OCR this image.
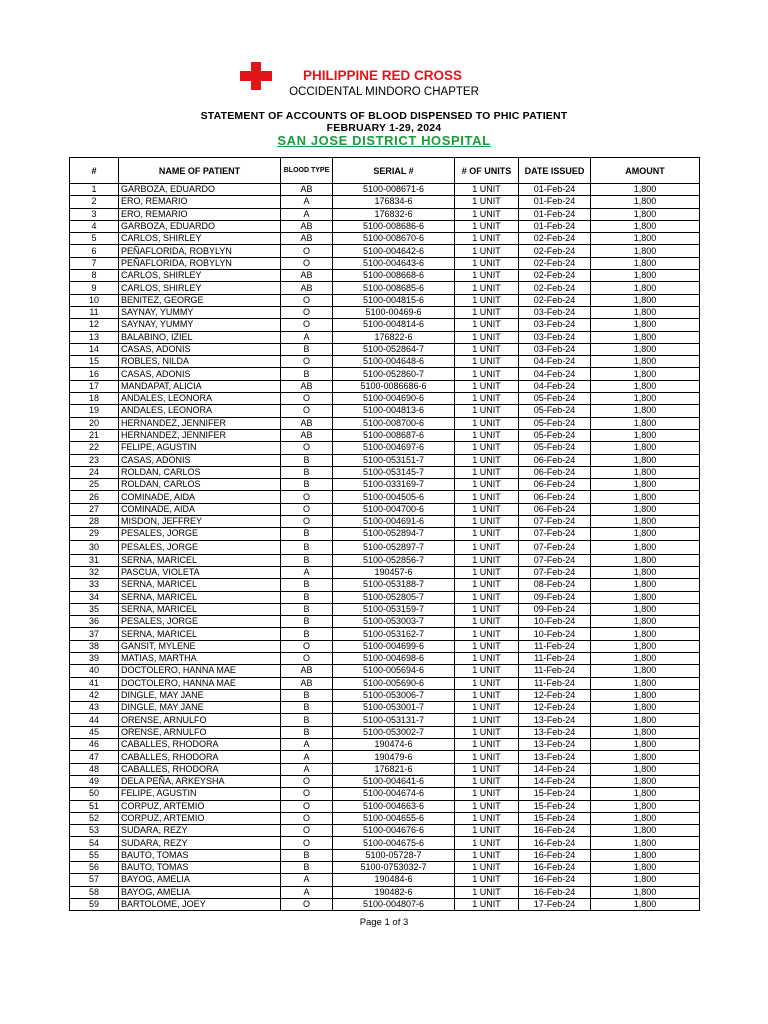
PHILIPPINE RED CROSS
OCCIDENTAL MINDORO CHAPTER
STATEMENT OF ACCOUNTS OF BLOOD DISPENSED TO PHIC PATIENT
FEBRUARY 1-29, 2024
SAN JOSE DISTRICT HOSPITAL
#	NAME OF PATIENT	BLOOD TYPE	SERIAL #	# OF UNITS	DATE ISSUED	AMOUNT
1	GARBOZA, EDUARDO	AB	5100-008671-6	1 UNIT	01-Feb-24	1,800
2	ERO, REMARIO	A	176834-6	1 UNIT	01-Feb-24	1,800
3	ERO, REMARIO	A	176832-6	1 UNIT	01-Feb-24	1,800
4	GARBOZA, EDUARDO	AB	5100-008686-6	1 UNIT	01-Feb-24	1,800
5	CARLOS, SHIRLEY	AB	5100-008670-6	1 UNIT	02-Feb-24	1,800
6	PEÑAFLORIDA, ROBYLYN	O	5100-004642-6	1 UNIT	02-Feb-24	1,800
7	PEÑAFLORIDA, ROBYLYN	O	5100-004643-6	1 UNIT	02-Feb-24	1,800
8	CARLOS, SHIRLEY	AB	5100-008668-6	1 UNIT	02-Feb-24	1,800
9	CARLOS, SHIRLEY	AB	5100-008685-6	1 UNIT	02-Feb-24	1,800
10	BENITEZ, GEORGE	O	5100-004815-6	1 UNIT	02-Feb-24	1,800
11	SAYNAY, YUMMY	O	5100-00469-6	1 UNIT	03-Feb-24	1,800
12	SAYNAY, YUMMY	O	5100-004814-6	1 UNIT	03-Feb-24	1,800
13	BALABINO, IZIEL	A	176822-6	1 UNIT	03-Feb-24	1,800
14	CASAS, ADONIS	B	5100-052864-7	1 UNIT	03-Feb-24	1,800
15	ROBLES, NILDA	O	5100-004648-6	1 UNIT	04-Feb-24	1,800
16	CASAS, ADONIS	B	5100-052860-7	1 UNIT	04-Feb-24	1,800
17	MANDAPAT, ALICIA	AB	5100-0086686-6	1 UNIT	04-Feb-24	1,800
18	ANDALES, LEONORA	O	5100-004690-6	1 UNIT	05-Feb-24	1,800
19	ANDALES, LEONORA	O	5100-004813-6	1 UNIT	05-Feb-24	1,800
20	HERNANDEZ, JENNIFER	AB	5100-008700-6	1 UNIT	05-Feb-24	1,800
21	HERNANDEZ, JENNIFER	AB	5100-008687-6	1 UNIT	05-Feb-24	1,800
22	FELIPE, AGUSTIN	O	5100-004697-6	1 UNIT	05-Feb-24	1,800
23	CASAS, ADONIS	B	5100-053151-7	1 UNIT	06-Feb-24	1,800
24	ROLDAN, CARLOS	B	5100-053145-7	1 UNIT	06-Feb-24	1,800
25	ROLDAN, CARLOS	B	5100-033169-7	1 UNIT	06-Feb-24	1,800
26	COMINADE, AIDA	O	5100-004505-6	1 UNIT	06-Feb-24	1,800
27	COMINADE, AIDA	O	5100-004700-6	1 UNIT	06-Feb-24	1,800
28	MISDON, JEFFREY	O	5100-004691-6	1 UNIT	07-Feb-24	1,800
29	PESALES, JORGE	B	5100-052894-7	1 UNIT	07-Feb-24	1,800
30	PESALES, JORGE	B	5100-052897-7	1 UNIT	07-Feb-24	1,800
31	SERNA, MARICEL	B	5100-052856-7	1 UNIT	07-Feb-24	1,800
32	PASCUA, VIOLETA	A	190457-6	1 UNIT	07-Feb-24	1,800
33	SERNA, MARICEL	B	5100-053188-7	1 UNIT	08-Feb-24	1,800
34	SERNA, MARICEL	B	5100-052805-7	1 UNIT	09-Feb-24	1,800
35	SERNA, MARICEL	B	5100-053159-7	1 UNIT	09-Feb-24	1,800
36	PESALES, JORGE	B	5100-053003-7	1 UNIT	10-Feb-24	1,800
37	SERNA, MARICEL	B	5100-053162-7	1 UNIT	10-Feb-24	1,800
38	GANSIT, MYLENE	O	5100-004699-6	1 UNIT	11-Feb-24	1,800
39	MATIAS, MARTHA	O	5100-004698-6	1 UNIT	11-Feb-24	1,800
40	DOCTOLERO, HANNA MAE	AB	5100-005694-6	1 UNIT	11-Feb-24	1,800
41	DOCTOLERO, HANNA MAE	AB	5100-005690-6	1 UNIT	11-Feb-24	1,800
42	DINGLE, MAY JANE	B	5100-053006-7	1 UNIT	12-Feb-24	1,800
43	DINGLE, MAY JANE	B	5100-053001-7	1 UNIT	12-Feb-24	1,800
44	ORENSE, ARNULFO	B	5100-053131-7	1 UNIT	13-Feb-24	1,800
45	ORENSE, ARNULFO	B	5100-053002-7	1 UNIT	13-Feb-24	1,800
46	CABALLES, RHODORA	A	190474-6	1 UNIT	13-Feb-24	1,800
47	CABALLES, RHODORA	A	190479-6	1 UNIT	13-Feb-24	1,800
48	CABALLES, RHODORA	A	176821-6	1 UNIT	14-Feb-24	1,800
49	DELA PEÑA, ARKEYSHA	O	5100-004641-6	1 UNIT	14-Feb-24	1,800
50	FELIPE, AGUSTIN	O	5100-004674-6	1 UNIT	15-Feb-24	1,800
51	CORPUZ, ARTEMIO	O	5100-004663-6	1 UNIT	15-Feb-24	1,800
52	CORPUZ, ARTEMIO	O	5100-004655-6	1 UNIT	15-Feb-24	1,800
53	SUDARA, REZY	O	5100-004676-6	1 UNIT	16-Feb-24	1,800
54	SUDARA, REZY	O	5100-004675-6	1 UNIT	16-Feb-24	1,800
55	BAUTO, TOMAS	B	5100-05728-7	1 UNIT	16-Feb-24	1,800
56	BAUTO, TOMAS	B	5100-0753032-7	1 UNIT	16-Feb-24	1,800
57	BAYOG, AMELIA	A	190484-6	1 UNIT	16-Feb-24	1,800
58	BAYOG, AMELIA	A	190482-6	1 UNIT	16-Feb-24	1,800
59	BARTOLOME, JOEY	O	5100-004807-6	1 UNIT	17-Feb-24	1,800
Page 1 of 3
